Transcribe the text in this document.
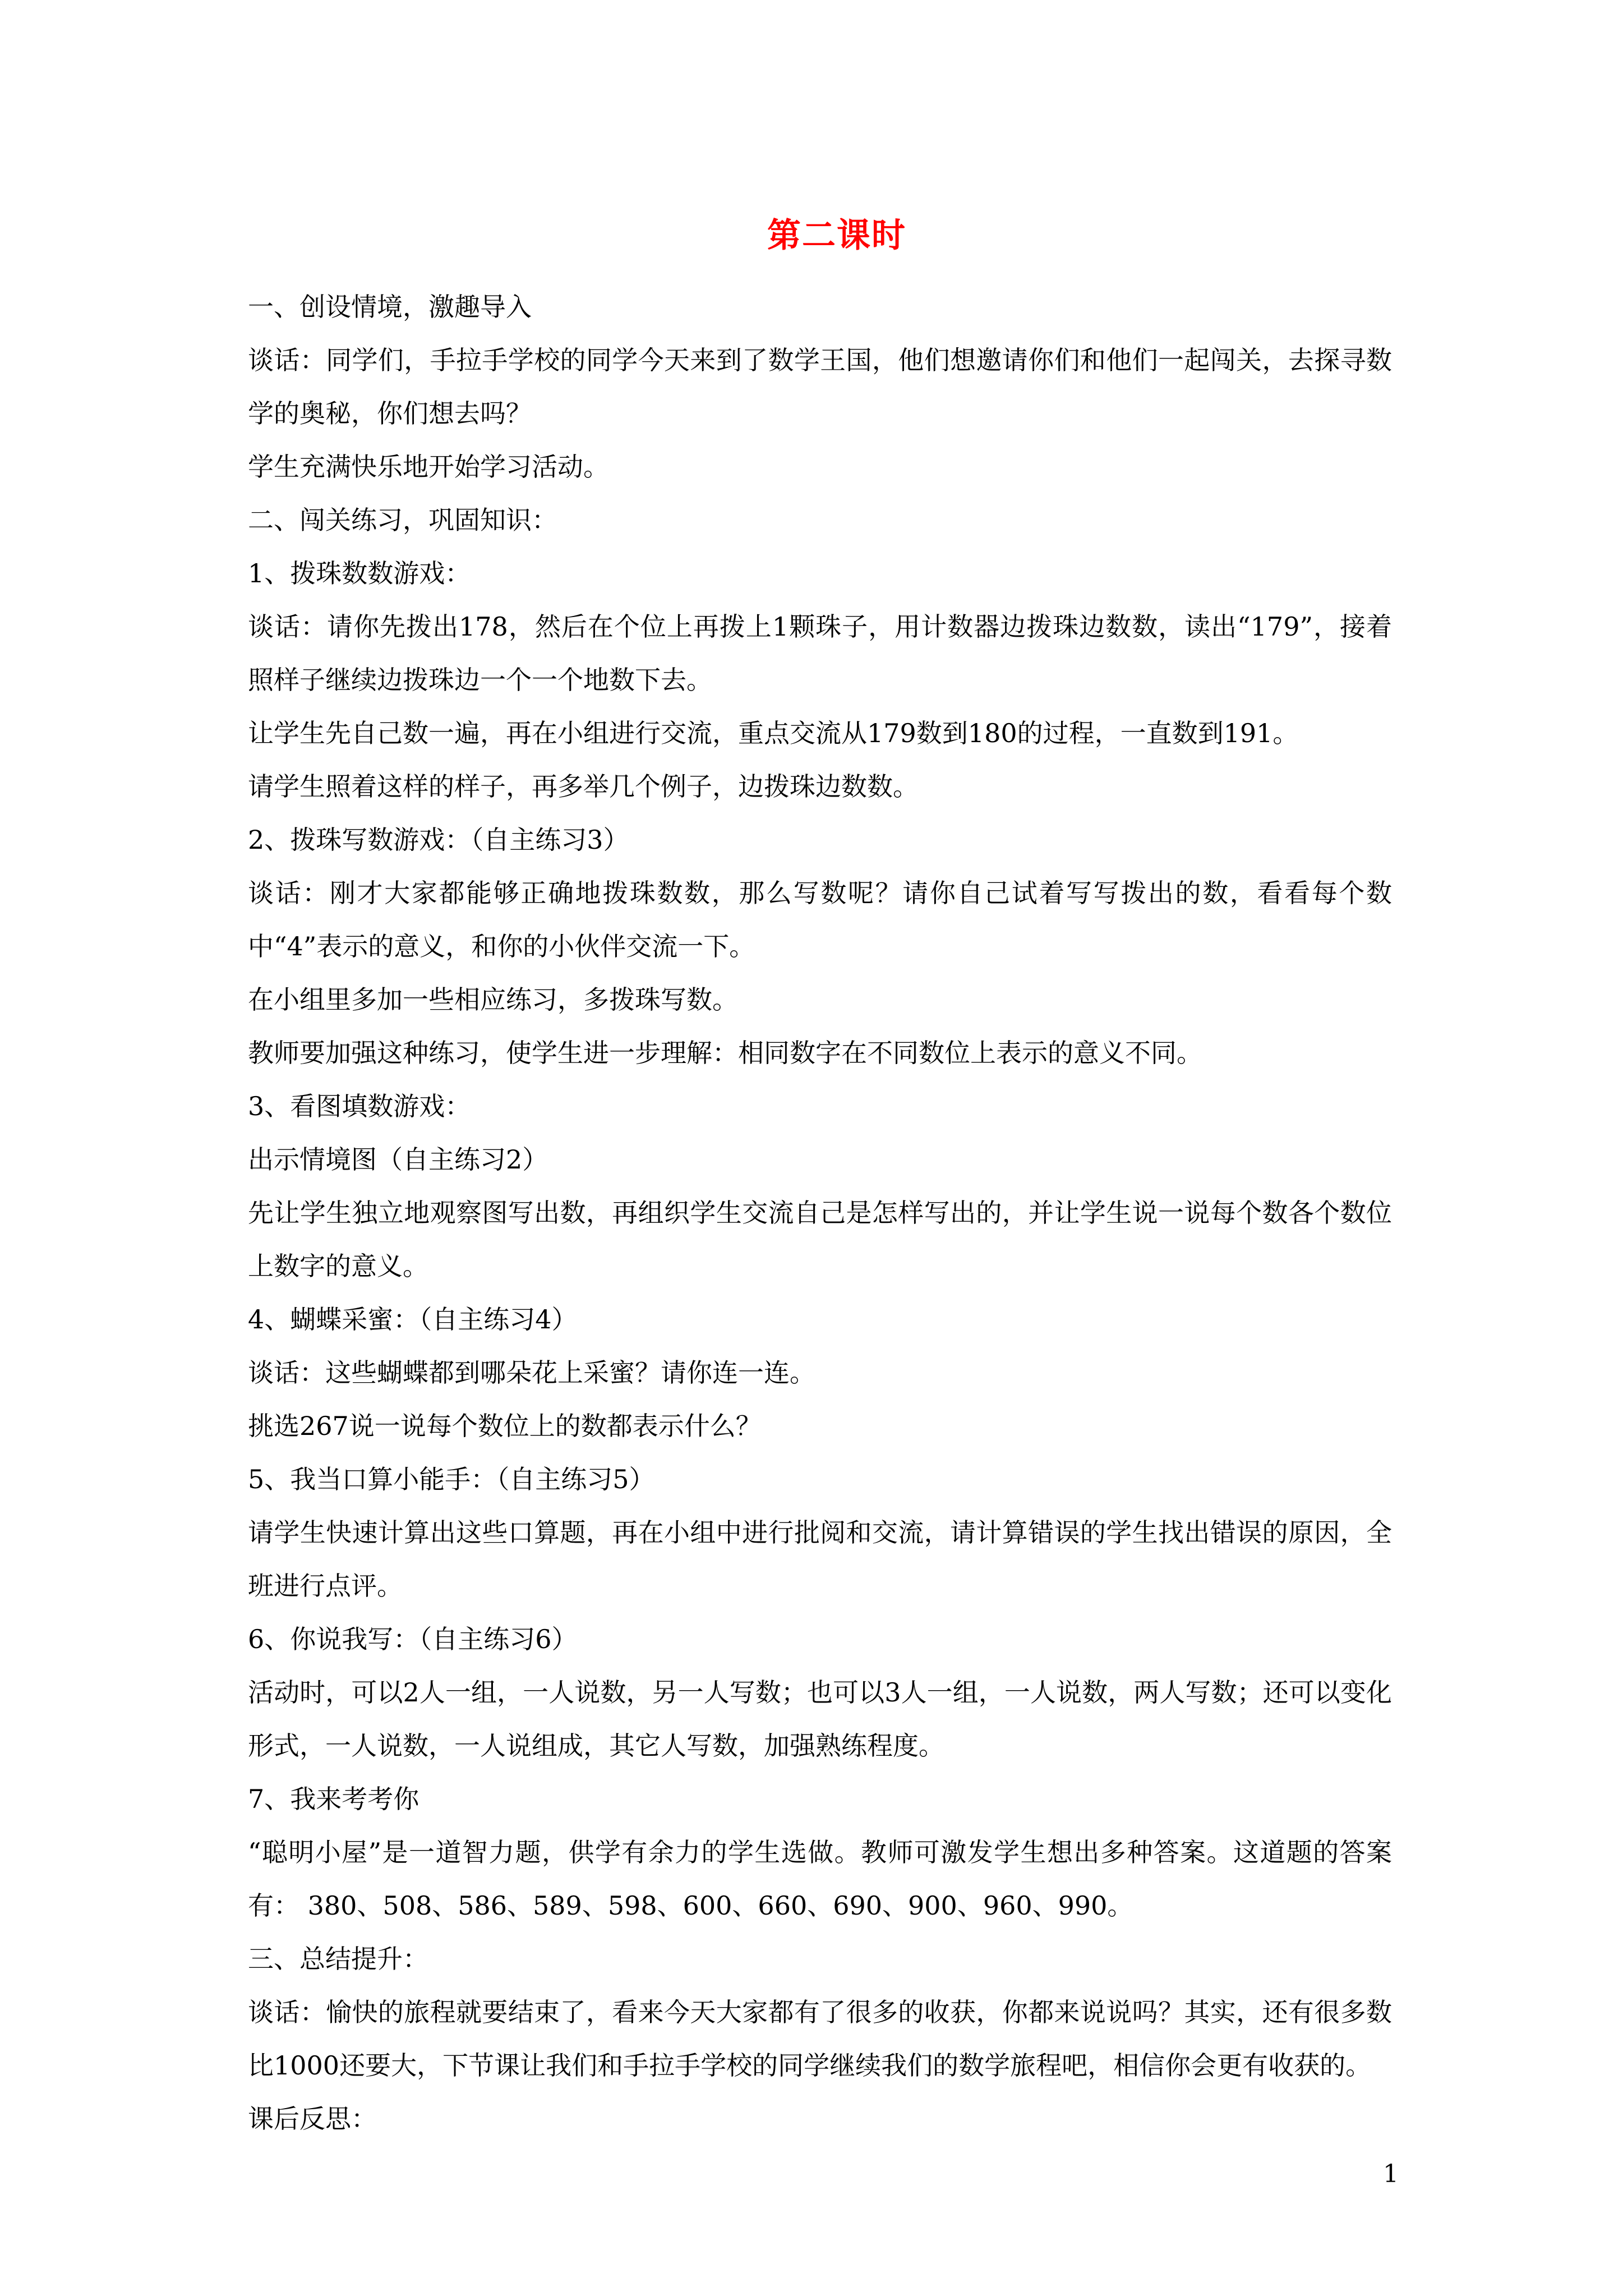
第二课时

一、创设情境，激趣导入

谈话：同学们，手拉手学校的同学今天来到了数学王国，他们想邀请你们和他们一起闯关，去探寻数学的奥秘，你们想去吗？

学生充满快乐地开始学习活动。

二、闯关练习，巩固知识：

1、拨珠数数游戏：

谈话：请你先拨出178，然后在个位上再拨上1颗珠子，用计数器边拨珠边数数，读出“179”，接着照样子继续边拨珠边一个一个地数下去。

让学生先自己数一遍，再在小组进行交流，重点交流从179数到180的过程，一直数到191。

请学生照着这样的样子，再多举几个例子，边拨珠边数数。

2、拨珠写数游戏：（自主练习3）

谈话：刚才大家都能够正确地拨珠数数，那么写数呢？请你自己试着写写拨出的数，看看每个数中“4”表示的意义，和你的小伙伴交流一下。

在小组里多加一些相应练习，多拨珠写数。

教师要加强这种练习，使学生进一步理解：相同数字在不同数位上表示的意义不同。

3、看图填数游戏：

出示情境图（自主练习2）

先让学生独立地观察图写出数，再组织学生交流自己是怎样写出的，并让学生说一说每个数各个数位上数字的意义。

4、蝴蝶采蜜：（自主练习4）

谈话：这些蝴蝶都到哪朵花上采蜜？请你连一连。

挑选267说一说每个数位上的数都表示什么？

5、我当口算小能手：（自主练习5）

请学生快速计算出这些口算题，再在小组中进行批阅和交流，请计算错误的学生找出错误的原因，全班进行点评。

6、你说我写：（自主练习6）

活动时，可以2人一组，一人说数，另一人写数；也可以3人一组，一人说数，两人写数；还可以变化形式，一人说数，一人说组成，其它人写数，加强熟练程度。

7、我来考考你

“聪明小屋”是一道智力题，供学有余力的学生选做。教师可激发学生想出多种答案。这道题的答案有： 380、508、586、589、598、600、660、690、900、960、990。

三、总结提升：

谈话：愉快的旅程就要结束了，看来今天大家都有了很多的收获，你都来说说吗？其实，还有很多数比1000还要大，下节课让我们和手拉手学校的同学继续我们的数学旅程吧，相信你会更有收获的。

课后反思：

1
